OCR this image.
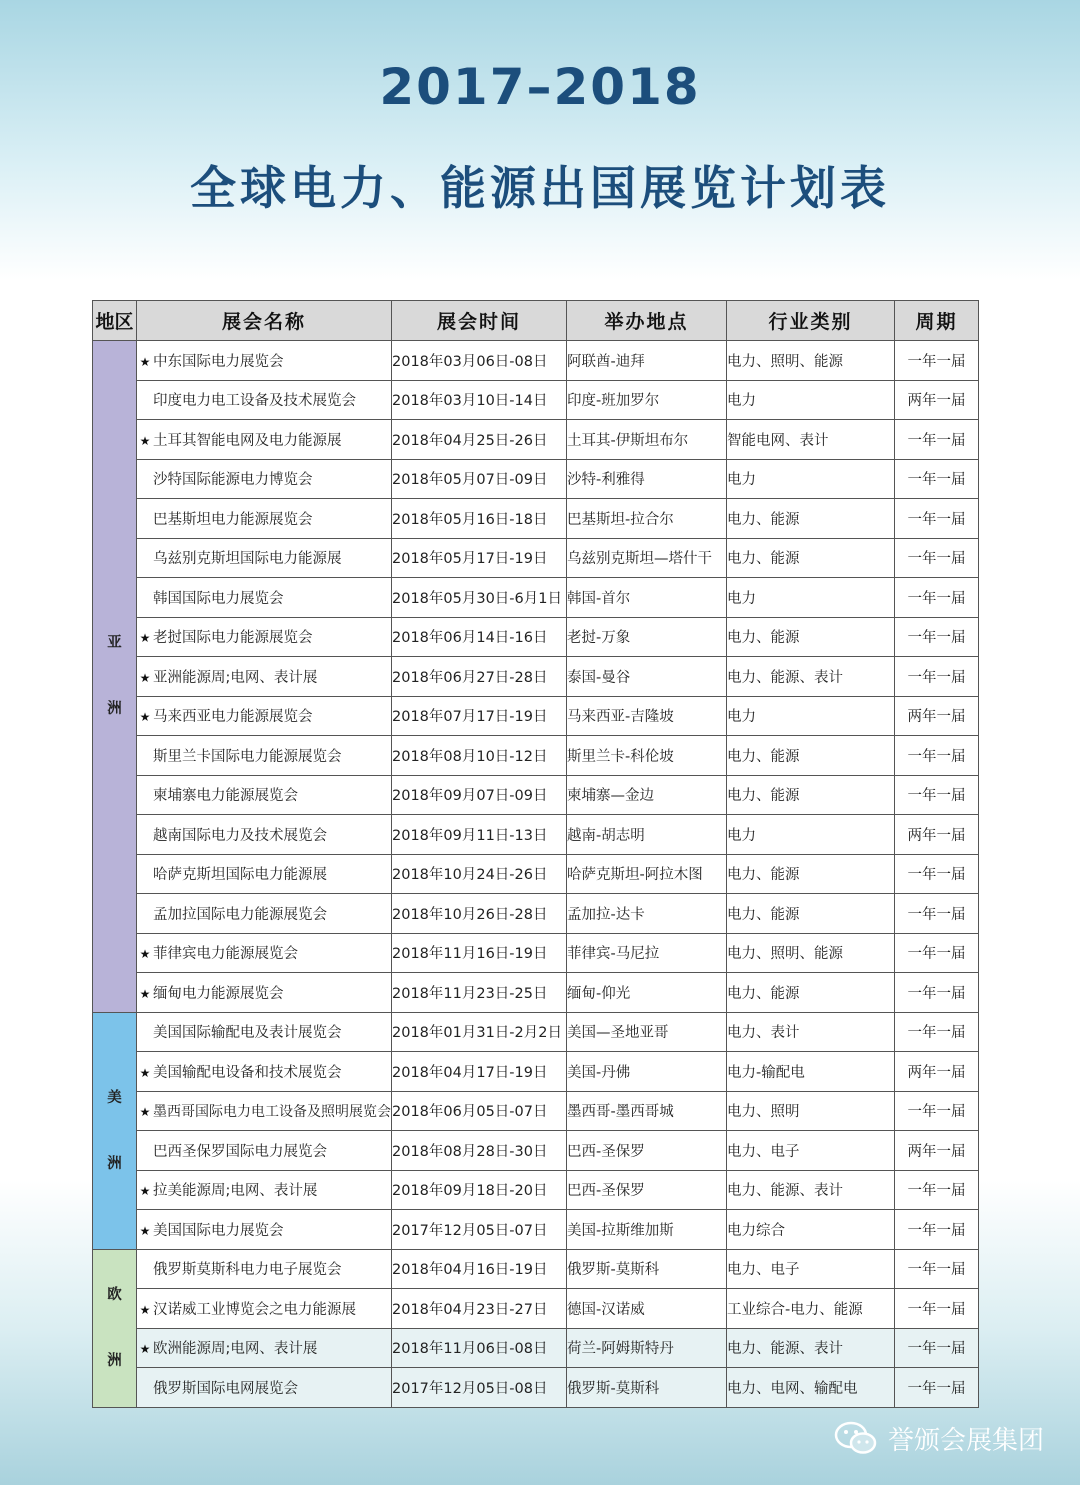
2017–2018
全球电力、能源出国展览计划表
地区	展会名称	展会时间	举办地点	行业类别	周期

亚
洲	★ 中东国际电力展览会	2018年03月06日-08日	阿联酋-迪拜	电力、照明、能源	一年一届
	印度电力电工设备及技术展览会	2018年03月10日-14日	印度-班加罗尔	电力	两年一届
	★ 土耳其智能电网及电力能源展	2018年04月25日-26日	土耳其-伊斯坦布尔	智能电网、表计	一年一届
	沙特国际能源电力博览会	2018年05月07日-09日	沙特-利雅得	电力	一年一届
	巴基斯坦电力能源展览会	2018年05月16日-18日	巴基斯坦-拉合尔	电力、能源	一年一届
	乌兹别克斯坦国际电力能源展	2018年05月17日-19日	乌兹别克斯坦—塔什干	电力、能源	一年一届
	韩国国际电力展览会	2018年05月30日-6月1日	韩国-首尔	电力	一年一届
	★ 老挝国际电力能源展览会	2018年06月14日-16日	老挝-万象	电力、能源	一年一届
	★ 亚洲能源周;电网、表计展	2018年06月27日-28日	泰国-曼谷	电力、能源、表计	一年一届
	★ 马来西亚电力能源展览会	2018年07月17日-19日	马来西亚-吉隆坡	电力	两年一届
	斯里兰卡国际电力能源展览会	2018年08月10日-12日	斯里兰卡-科伦坡	电力、能源	一年一届
	柬埔寨电力能源展览会	2018年09月07日-09日	柬埔寨—金边	电力、能源	一年一届
	越南国际电力及技术展览会	2018年09月11日-13日	越南-胡志明	电力	两年一届
	哈萨克斯坦国际电力能源展	2018年10月24日-26日	哈萨克斯坦-阿拉木图	电力、能源	一年一届
	孟加拉国际电力能源展览会	2018年10月26日-28日	孟加拉-达卡	电力、能源	一年一届
	★ 菲律宾电力能源展览会	2018年11月16日-19日	菲律宾-马尼拉	电力、照明、能源	一年一届
	★ 缅甸电力能源展览会	2018年11月23日-25日	缅甸-仰光	电力、能源	一年一届

美
洲	美国国际输配电及表计展览会	2018年01月31日-2月2日	美国—圣地亚哥	电力、表计	一年一届
	★ 美国输配电设备和技术展览会	2018年04月17日-19日	美国-丹佛	电力-输配电	两年一届
	★ 墨西哥国际电力电工设备及照明展览会	2018年06月05日-07日	墨西哥-墨西哥城	电力、照明	一年一届
	巴西圣保罗国际电力展览会	2018年08月28日-30日	巴西-圣保罗	电力、电子	两年一届
	★ 拉美能源周;电网、表计展	2018年09月18日-20日	巴西-圣保罗	电力、能源、表计	一年一届
	★ 美国国际电力展览会	2017年12月05日-07日	美国-拉斯维加斯	电力综合	一年一届

欧
洲	俄罗斯莫斯科电力电子展览会	2018年04月16日-19日	俄罗斯-莫斯科	电力、电子	一年一届
	★ 汉诺威工业博览会之电力能源展	2018年04月23日-27日	德国-汉诺威	工业综合-电力、能源	一年一届
	★ 欧洲能源周;电网、表计展	2018年11月06日-08日	荷兰-阿姆斯特丹	电力、能源、表计	一年一届
	俄罗斯国际电网展览会	2017年12月05日-08日	俄罗斯-莫斯科	电力、电网、输配电	一年一届
誉颁会展集团
